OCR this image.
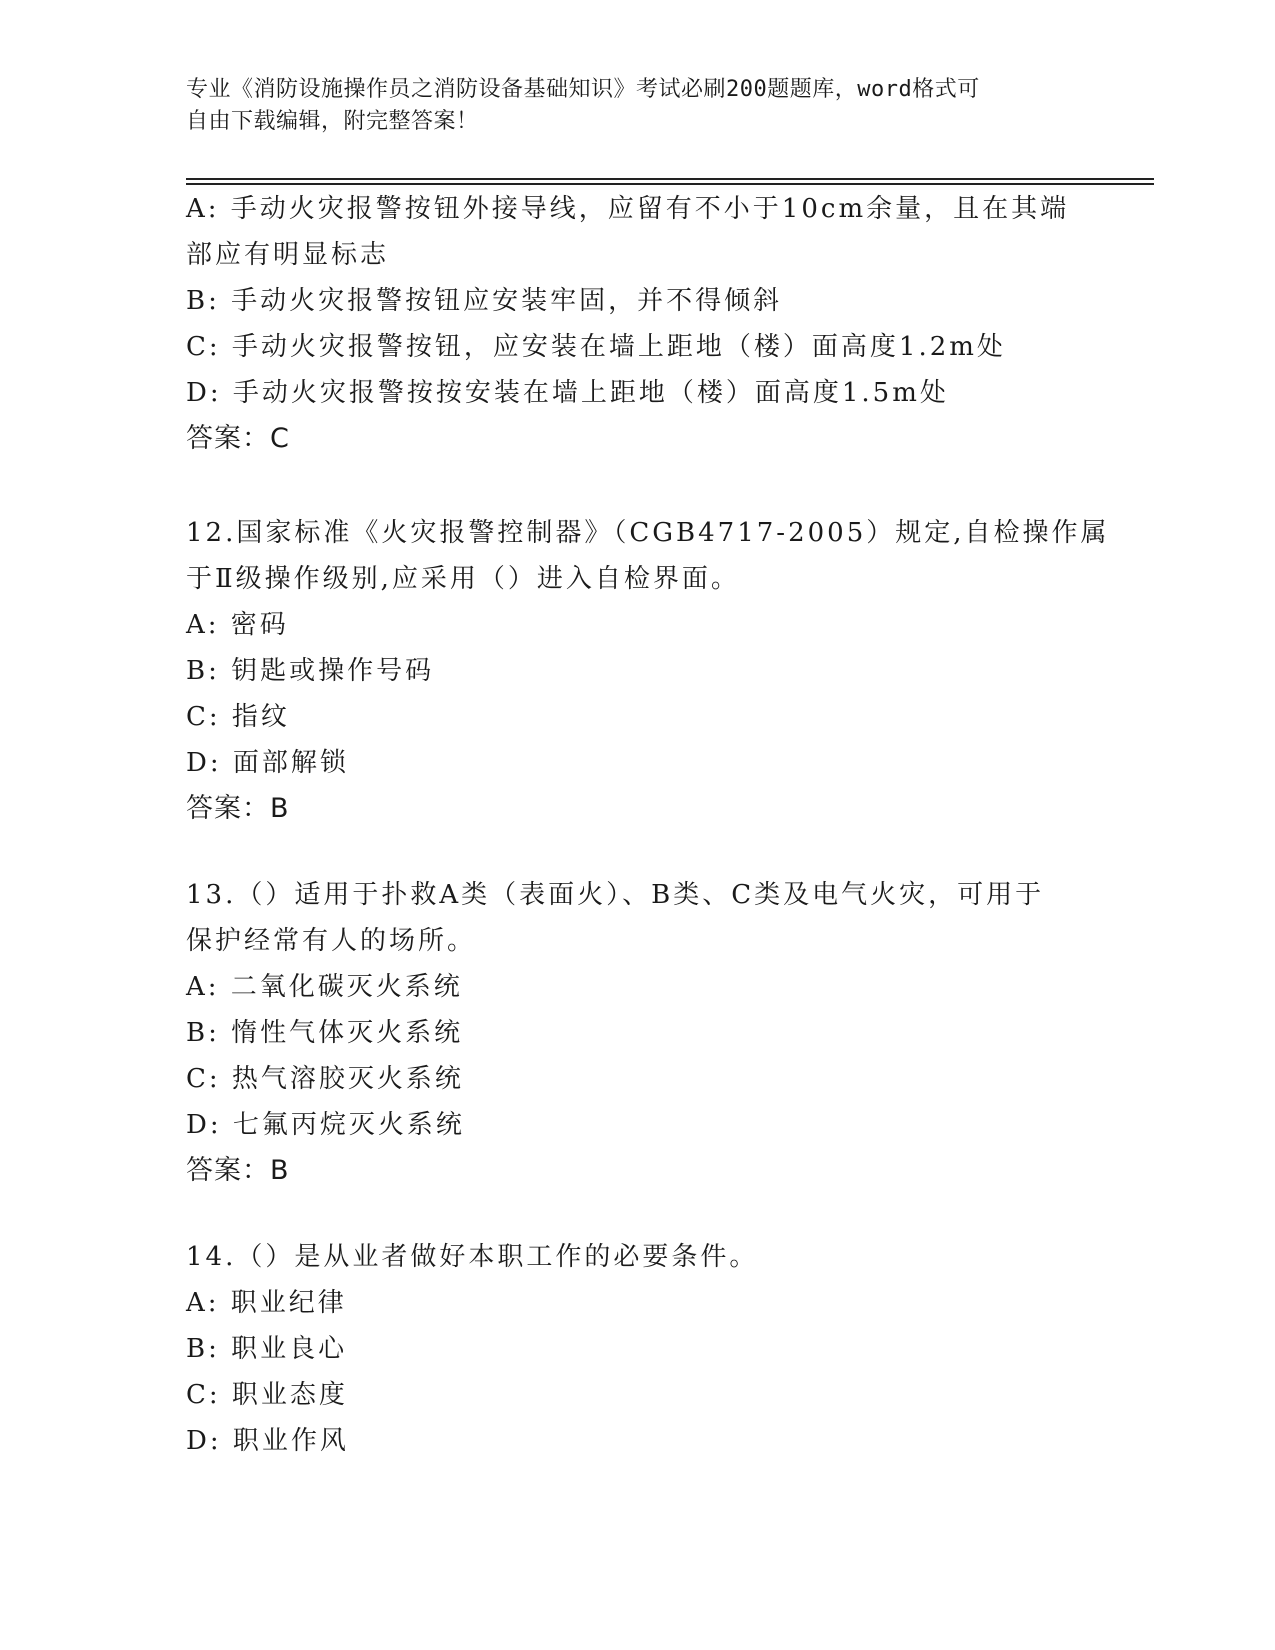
专业《消防设施操作员之消防设备基础知识》考试必刷200题题库，word格式可
自由下载编辑，附完整答案！
A: 手动火灾报警按钮外接导线，应留有不小于10cm余量，且在其端
部应有明显标志
B: 手动火灾报警按钮应安装牢固，并不得倾斜
C: 手动火灾报警按钮，应安装在墙上距地（楼）面高度1.2m处
D: 手动火灾报警按按安装在墙上距地（楼）面高度1.5m处
答案：C
12.国家标准《火灾报警控制器》（CGB4717-2005）规定,自检操作属
于Ⅱ级操作级别,应采用（）进入自检界面。
A: 密码
B: 钥匙或操作号码
C: 指纹
D: 面部解锁
答案：B
13.（）适用于扑救A类（表面火）、B类、C类及电气火灾，可用于
保护经常有人的场所。
A: 二氧化碳灭火系统
B: 惰性气体灭火系统
C: 热气溶胶灭火系统
D: 七氟丙烷灭火系统
答案：B
14.（）是从业者做好本职工作的必要条件。
A: 职业纪律
B: 职业良心
C: 职业态度
D: 职业作风
